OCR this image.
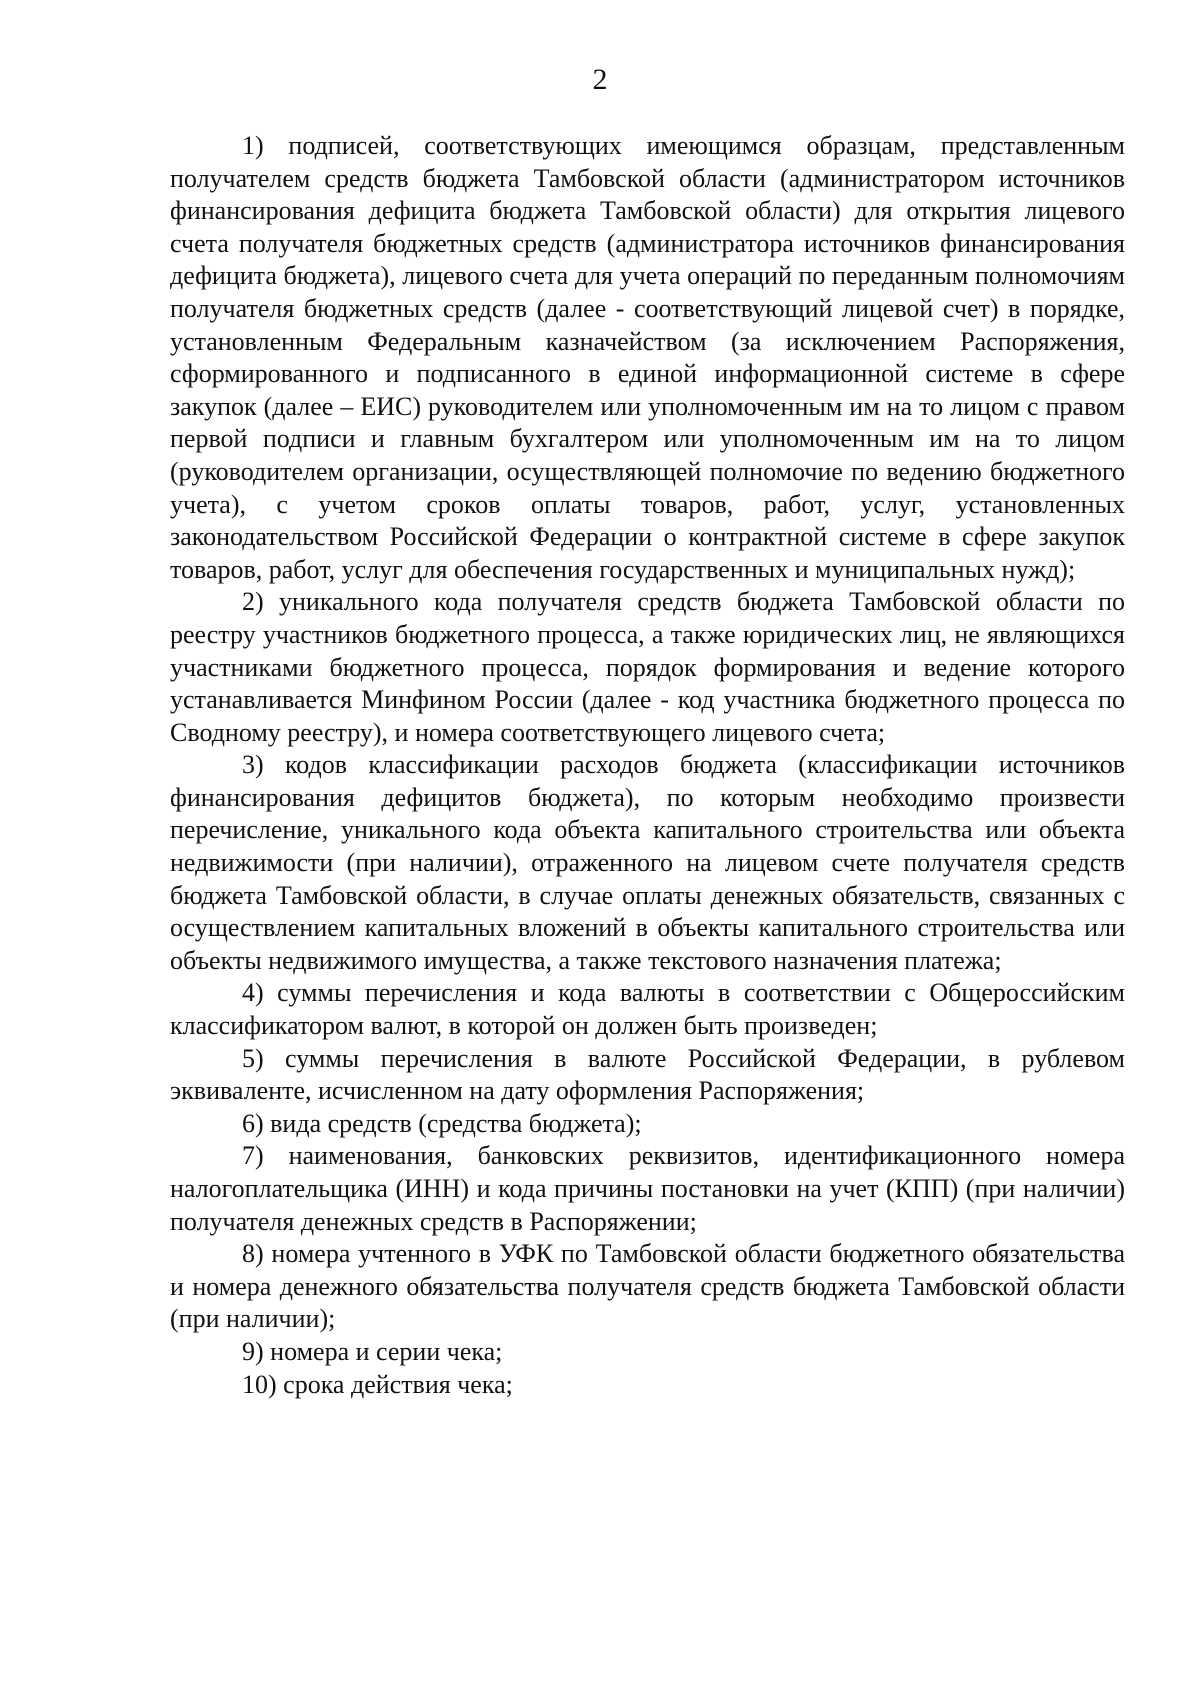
2

1) подписей, соответствующих имеющимся образцам, представленным получателем средств бюджета Тамбовской области (администратором источников финансирования дефицита бюджета Тамбовской области) для открытия лицевого счета получателя бюджетных средств (администратора источников финансирования дефицита бюджета), лицевого счета для учета операций по переданным полномочиям получателя бюджетных средств (далее - соответствующий лицевой счет) в порядке, установленным Федеральным казначейством (за исключением Распоряжения, сформированного и подписанного в единой информационной системе в сфере закупок (далее – ЕИС) руководителем или уполномоченным им на то лицом с правом первой подписи и главным бухгалтером или уполномоченным им на то лицом (руководителем организации, осуществляющей полномочие по ведению бюджетного учета), с учетом сроков оплаты товаров, работ, услуг, установленных законодательством Российской Федерации о контрактной системе в сфере закупок товаров, работ, услуг для обеспечения государственных и муниципальных нужд);

2) уникального кода получателя средств бюджета Тамбовской области по реестру участников бюджетного процесса, а также юридических лиц, не являющихся участниками бюджетного процесса, порядок формирования и ведение которого устанавливается Минфином России (далее - код участника бюджетного процесса по Сводному реестру), и номера соответствующего лицевого счета;

3) кодов классификации расходов бюджета (классификации источников финансирования дефицитов бюджета), по которым необходимо произвести перечисление, уникального кода объекта капитального строительства или объекта недвижимости (при наличии), отраженного на лицевом счете получателя средств бюджета Тамбовской области, в случае оплаты денежных обязательств, связанных с осуществлением капитальных вложений в объекты капитального строительства или объекты недвижимого имущества, а также текстового назначения платежа;

4) суммы перечисления и кода валюты в соответствии с Общероссийским классификатором валют, в которой он должен быть произведен;

5) суммы перечисления в валюте Российской Федерации, в рублевом эквиваленте, исчисленном на дату оформления Распоряжения;

6) вида средств (средства бюджета);

7) наименования, банковских реквизитов, идентификационного номера налогоплательщика (ИНН) и кода причины постановки на учет (КПП) (при наличии) получателя денежных средств в Распоряжении;

8) номера учтенного в УФК по Тамбовской области бюджетного обязательства и номера денежного обязательства получателя средств бюджета Тамбовской области (при наличии);

9) номера и серии чека;

10) срока действия чека;
